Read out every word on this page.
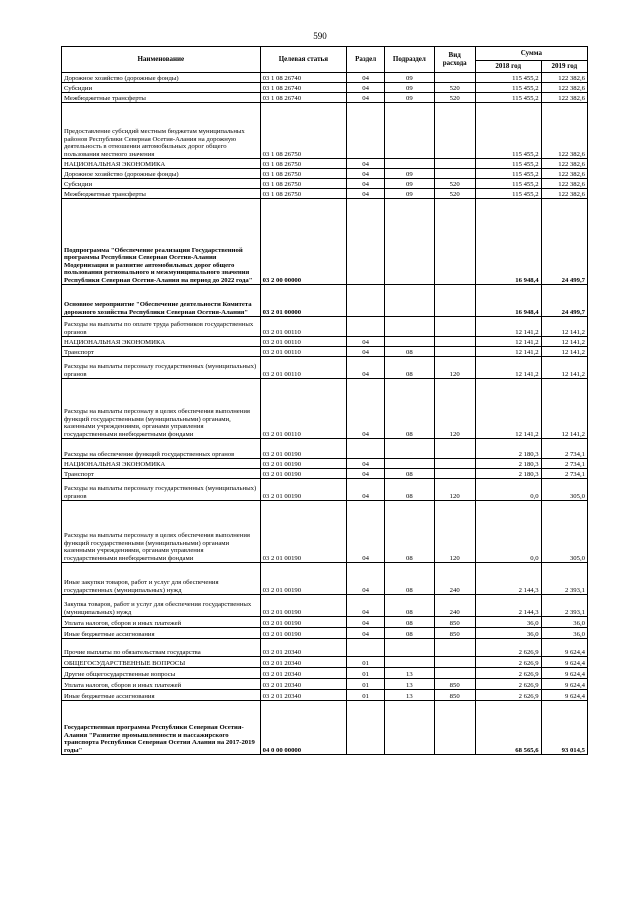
590
Наименование	Целевая статья	Раздел	Подраздел	Вид расхода	Сумма	
					2018 год	2019 год
Дорожное хозяйство (дорожные фонды)	03 1 08 26740	04	09		115 455,2	122 382,6
Субсидии	03 1 08 26740	04	09	520	115 455,2	122 382,6
Межбюджетные трансферты	03 1 08 26740	04	09	520	115 455,2	122 382,6
Предоставление субсидий местным бюджетам муниципальных районов Республики Северная Осетия-Алания на дорожную деятельность в отношении автомобильных дорог общего пользования местного значения	03 1 08 26750				115 455,2	122 382,6
НАЦИОНАЛЬНАЯ ЭКОНОМИКА	03 1 08 26750	04			115 455,2	122 382,6
Дорожное хозяйство (дорожные фонды)	03 1 08 26750	04	09		115 455,2	122 382,6
Субсидии	03 1 08 26750	04	09	520	115 455,2	122 382,6
Межбюджетные трансферты	03 1 08 26750	04	09	520	115 455,2	122 382,6
Подпрограмма "Обеспечение реализации Государственной программы Республики Северная Осетия-Алания Модернизация и развитие автомобильных дорог общего пользования регионального и межмуниципального значения Республики Северная Осетия-Алания на период до 2022 года"	03 2 00 00000				16 948,4	24 499,7
Основное мероприятие "Обеспечение деятельности Комитета дорожного хозяйства Республики Северная Осетия-Алания"	03 2 01 00000				16 948,4	24 499,7
Расходы на выплаты по оплате труда работников государственных органов	03 2 01 00110				12 141,2	12 141,2
НАЦИОНАЛЬНАЯ ЭКОНОМИКА	03 2 01 00110	04			12 141,2	12 141,2
Транспорт	03 2 01 00110	04	08		12 141,2	12 141,2
Расходы на выплаты персоналу государственных (муниципальных) органов	03 2 01 00110	04	08	120	12 141,2	12 141,2
Расходы на выплаты персоналу в целях обеспечения выполнения функций государственными (муниципальными) органами, казенными учреждениями, органами управления государственными внебюджетными фондами	03 2 01 00110	04	08	120	12 141,2	12 141,2
Расходы на обеспечение функций государственных органов	03 2 01 00190				2 180,3	2 734,1
НАЦИОНАЛЬНАЯ ЭКОНОМИКА	03 2 01 00190	04			2 180,3	2 734,1
Транспорт	03 2 01 00190	04	08		2 180,3	2 734,1
Расходы на выплаты персоналу государственных (муниципальных) органов	03 2 01 00190	04	08	120	0,0	305,0
Расходы на выплаты персоналу в целях обеспечения выполнения функций государственными (муниципальными) органами казенными учреждениями, органами управления государственными внебюджетными фондами	03 2 01 00190	04	08	120	0,0	305,0
Иные закупки товаров, работ и услуг для обеспечения государственных (муниципальных) нужд	03 2 01 00190	04	08	240	2 144,3	2 393,1
Закупка товаров, работ и услуг для обеспечения государственных (муниципальных) нужд	03 2 01 00190	04	08	240	2 144,3	2 393,1
Уплата налогов, сборов и иных платежей	03 2 01 00190	04	08	850	36,0	36,0
Иные бюджетные ассигнования	03 2 01 00190	04	08	850	36,0	36,0
Прочие выплаты по обязательствам государства	03 2 01 20340				2 626,9	9 624,4
ОБЩЕГОСУДАРСТВЕННЫЕ ВОПРОСЫ	03 2 01 20340	01			2 626,9	9 624,4
Другие общегосударственные вопросы	03 2 01 20340	01	13		2 626,9	9 624,4
Уплата налогов, сборов и иных платежей	03 2 01 20340	01	13	850	2 626,9	9 624,4
Иные бюджетные ассигнования	03 2 01 20340	01	13	850	2 626,9	9 624,4
Государственная программа Республики Северная Осетия-Алания "Развитие промышленности и пассажирского транспорта Республики Северная Осетия Алания на 2017-2019 годы"	04 0 00 00000				68 565,6	93 014,5
